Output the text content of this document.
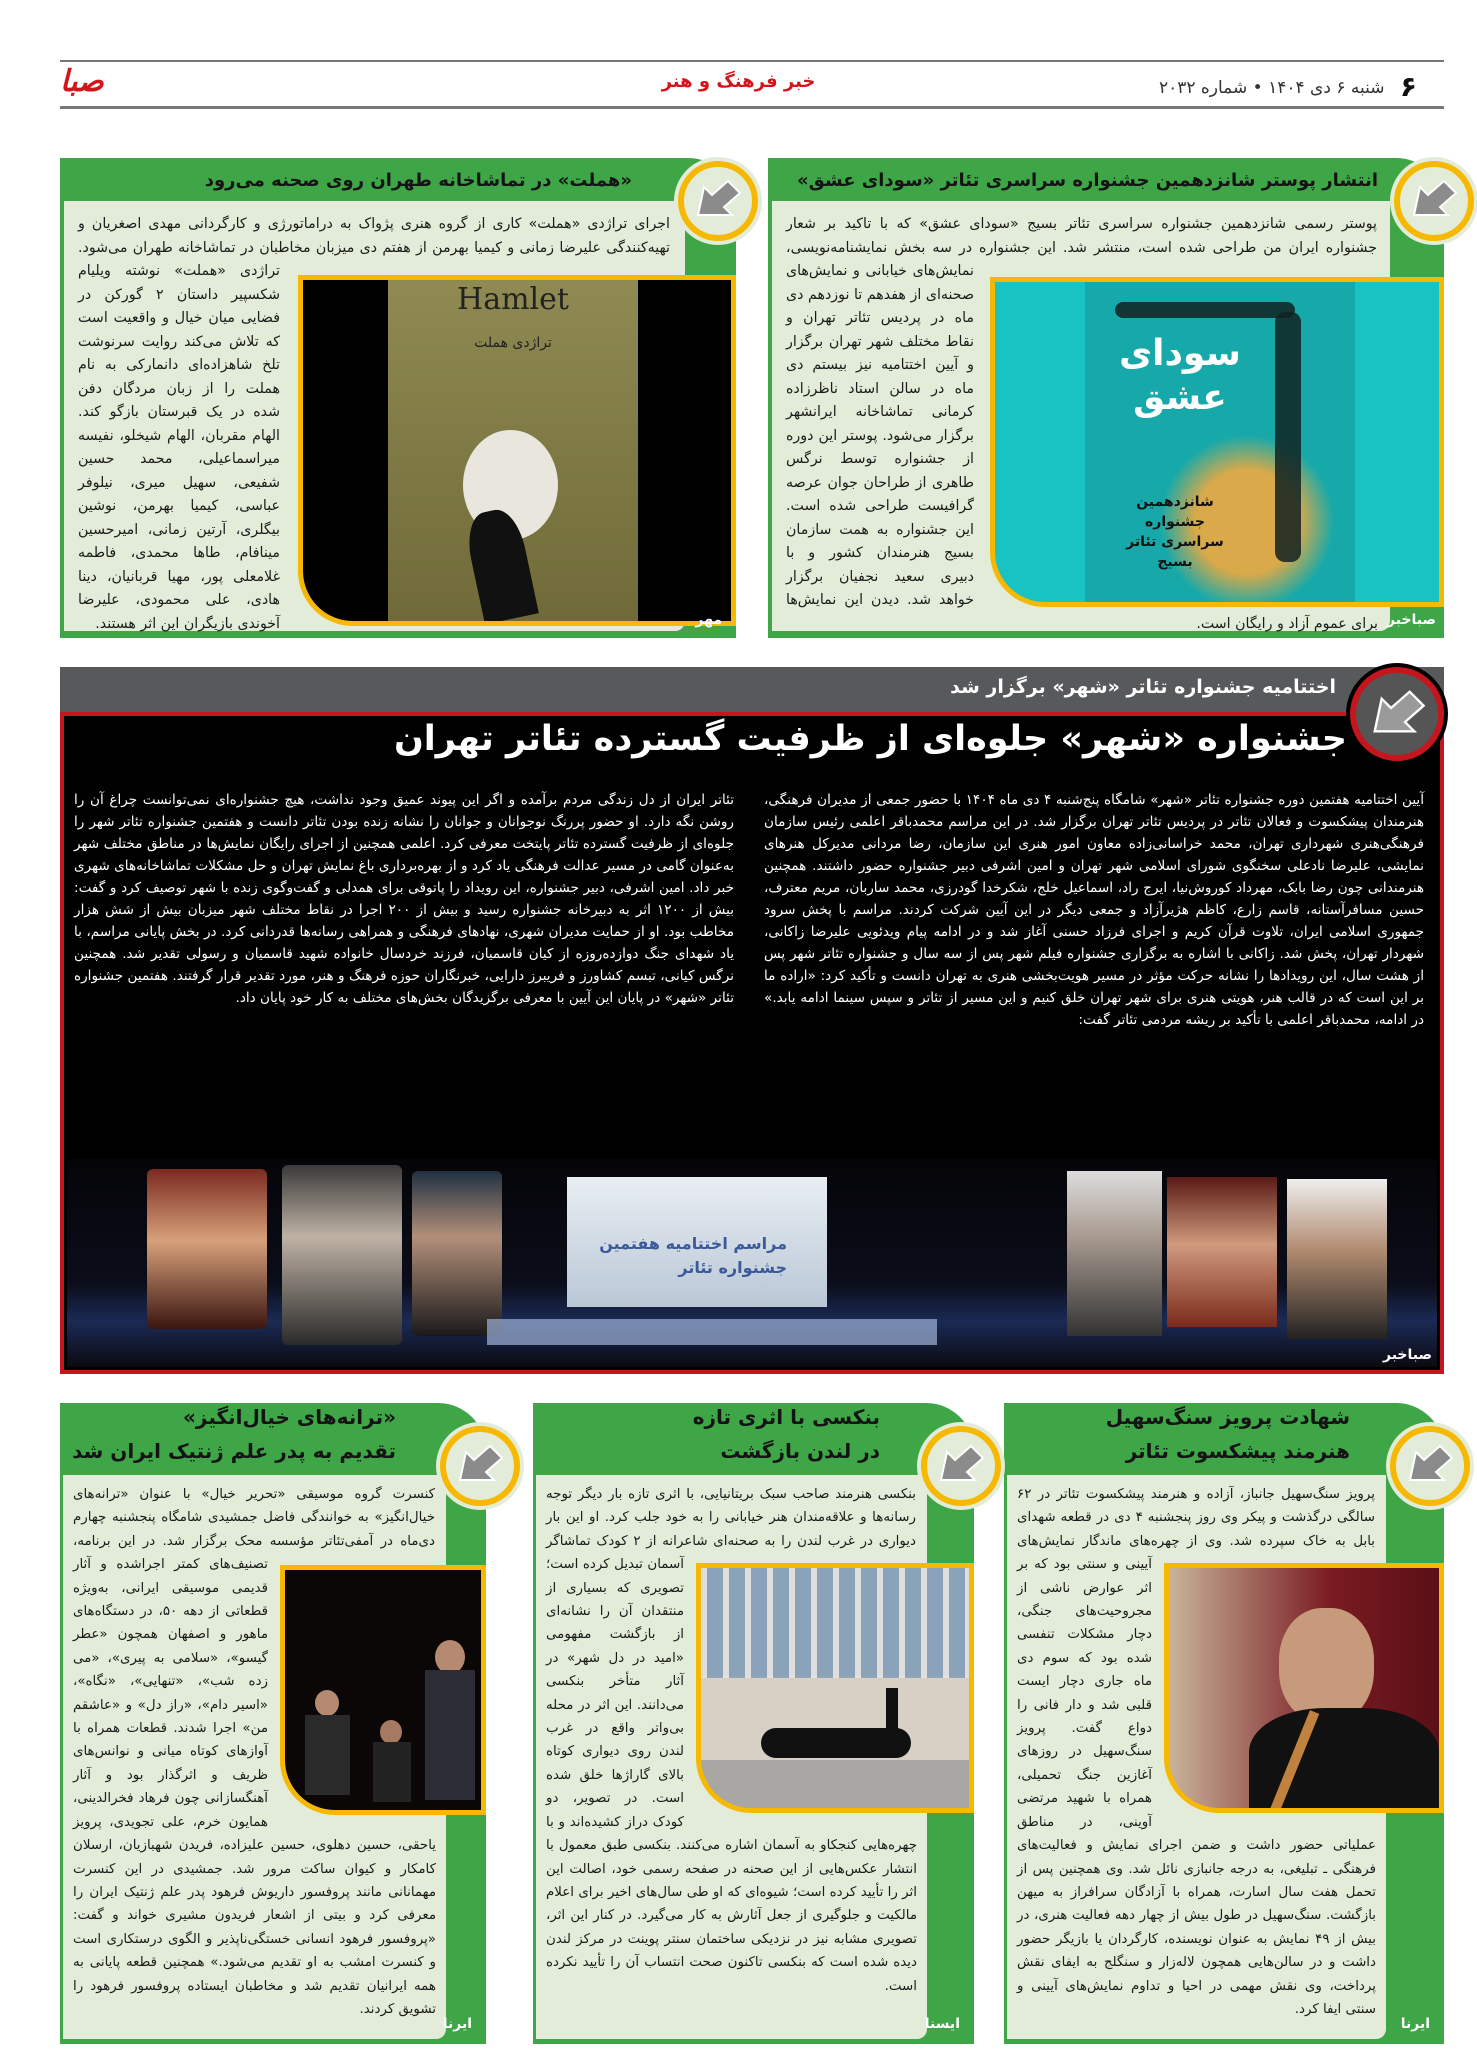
صبا	خبر فرهنگ و هنر	۶ شنبه ۶ دی ۱۴۰۴ • شماره ۲۰۳۲
انتشار پوستر شانزدهمین جشنواره سراسری تئاتر «سودای عشق»
سودای عشق
شانزدهمین جشنواره سراسری تئاتر بسیج
پوستر رسمی شانزدهمین جشنواره سراسری تئاتر بسیج «سودای عشق» که با تاکید بر شعار جشنواره ایران من طراحی شده است، منتشر شد. این جشنواره در سه بخش نمایشنامه‌نویسی، نمایش‌های خیابانی و نمایش‌های صحنه‌ای از هفدهم تا نوزدهم دی ماه در پردیس تئاتر تهران و نقاط مختلف شهر تهران برگزار و آیین اختتامیه نیز بیستم دی ماه در سالن استاد ناظرزاده کرمانی تماشاخانه ایرانشهر برگزار می‌شود. پوستر این دوره از جشنواره توسط نرگس طاهری از طراحان جوان عرصه گرافیست طراحی شده است. این جشنواره به همت سازمان بسیج هنرمندان کشور و با دبیری سعید نجفیان برگزار خواهد شد. دیدن این نمایش‌ها برای عموم آزاد و رایگان است. صباخبر
«هملت» در تماشاخانه طهران روی صحنه می‌رود
Hamlet
تراژدی هملت
اجرای تراژدی «هملت» کاری از گروه هنری پژواک به دراماتورژی و کارگردانی مهدی اصغریان و تهیه‌کنندگی علیرضا زمانی و کیمیا بهرمن از هفتم دی میزبان مخاطبان در تماشاخانه طهران می‌شود. تراژدی «هملت» نوشته ویلیام شکسپیر داستان ۲ گورکن در فضایی میان خیال و واقعیت است که تلاش می‌کند روایت سرنوشت تلخ شاهزاده‌ای دانمارکی به نام هملت را از زبان مردگان دفن شده در یک قبرستان بازگو کند. الهام مقربان، الهام شیخلو، نفیسه میراسماعیلی، محمد حسین شفیعی، سهیل میری، نیلوفر عباسی، کیمیا بهرمن، نوشین بیگلری، آرتین زمانی، امیرحسین مینافام، طاها محمدی، فاطمه غلامعلی پور، مهیا قربانیان، دینا هادی، علی محمودی، علیرضا آخوندی بازیگران این اثر هستند.	مهر
اختتامیه جشنواره تئاتر «شهر» برگزار شد
جشنواره «شهر» جلوه‌ای از ظرفیت گسترده تئاتر تهران
آیین اختتامیه هفتمین دوره جشنواره تئاتر «شهر» شامگاه پنج‌شنبه ۴ دی ماه ۱۴۰۴ با حضور جمعی از مدیران فرهنگی، هنرمندان پیشکسوت و فعالان تئاتر در پردیس تئاتر تهران برگزار شد. در این مراسم محمدباقر اعلمی رئیس سازمان فرهنگی‌هنری شهرداری تهران، محمد خراسانی‌زاده معاون امور هنری این سازمان، رضا مردانی مدیرکل هنرهای نمایشی، علیرضا نادعلی سخنگوی شورای اسلامی شهر تهران و امین اشرفی دبیر جشنواره حضور داشتند. همچنین هنرمندانی چون رضا بابک، مهرداد کوروش‌نیا، ایرج راد، اسماعیل خلج، شکرخدا گودرزی، محمد ساربان، مریم معترف، حسین مسافرآستانه، قاسم زارع، کاظم هژیرآزاد و جمعی دیگر در این آیین شرکت کردند. مراسم با پخش سرود جمهوری اسلامی ایران، تلاوت قرآن کریم و اجرای فرزاد حسنی آغاز شد و در ادامه پیام ویدئویی علیرضا زاکانی، شهردار تهران، پخش شد. زاکانی با اشاره به برگزاری جشنواره فیلم شهر پس از سه سال و جشنواره تئاتر شهر پس از هشت سال، این رویدادها را نشانه حرکت مؤثر در مسیر هویت‌بخشی هنری به تهران دانست و تأکید کرد: «اراده ما بر این است که در قالب هنر، هویتی هنری برای شهر تهران خلق کنیم و این مسیر از تئاتر و سپس سینما ادامه یابد.» در ادامه، محمدباقر اعلمی با تأکید بر ریشه مردمی تئاتر گفت:
تئاتر ایران از دل زندگی مردم برآمده و اگر این پیوند عمیق وجود نداشت، هیچ جشنواره‌ای نمی‌توانست چراغ آن را روشن نگه دارد. او حضور پررنگ نوجوانان و جوانان را نشانه زنده بودن تئاتر دانست و هفتمین جشنواره تئاتر شهر را جلوه‌ای از ظرفیت گسترده تئاتر پایتخت معرفی کرد. اعلمی همچنین از اجرای رایگان نمایش‌ها در مناطق مختلف شهر به‌عنوان گامی در مسیر عدالت فرهنگی یاد کرد و از بهره‌برداری باغ نمایش تهران و حل مشکلات تماشاخانه‌های شهری خبر داد. امین اشرفی، دبیر جشنواره، این رویداد را پاتوقی برای همدلی و گفت‌وگوی زنده با شهر توصیف کرد و گفت: بیش از ۱۲۰۰ اثر به دبیرخانه جشنواره رسید و بیش از ۲۰۰ اجرا در نقاط مختلف شهر میزبان بیش از شش هزار مخاطب بود. او از حمایت مدیران شهری، نهادهای فرهنگی و همراهی رسانه‌ها قدردانی کرد. در بخش پایانی مراسم، با یاد شهدای جنگ دوازده‌روزه از کیان قاسمیان، فرزند خردسال خانواده شهید قاسمیان و رسولی تقدیر شد. همچنین نرگس کیانی، تبسم کشاورز و فریبرز دارایی، خبرنگاران حوزه فرهنگ و هنر، مورد تقدیر قرار گرفتند. هفتمین جشنواره تئاتر «شهر» در پایان این آیین با معرفی برگزیدگان بخش‌های مختلف به کار خود پایان داد.
مراسم اختتامیه هفتمین جشنواره تئاتر
صباخبر
شهادت پرویز سنگ‌سهیل
هنرمند پیشکسوت تئاتر
پرویز سنگ‌سهیل جانباز، آزاده و هنرمند پیشکسوت تئاتر در ۶۲ سالگی درگذشت و پیکر وی روز پنجشنبه ۴ دی در قطعه شهدای بابل به خاک سپرده شد. وی از چهره‌های ماندگار نمایش‌های آیینی و سنتی بود که بر اثر عوارض ناشی از مجروحیت‌های جنگی، دچار مشکلات تنفسی شده بود که سوم دی ماه جاری دچار ایست قلبی شد و دار فانی را دواع گفت. پرویز سنگ‌سهیل در روزهای آغازین جنگ تحمیلی، همراه با شهید مرتضی آوینی، در مناطق عملیاتی حضور داشت و ضمن اجرای نمایش و فعالیت‌های فرهنگی ـ تبلیغی، به درجه جانبازی نائل شد. وی همچنین پس از تحمل هفت سال اسارت، همراه با آزادگان سرافراز به میهن بازگشت. سنگ‌سهیل در طول بیش از چهار دهه فعالیت هنری، در بیش از ۴۹ نمایش به عنوان نویسنده، کارگردان یا بازیگر حضور داشت و در سالن‌هایی همچون لاله‌زار و سنگلج به ایفای نقش پرداخت، وی نقش مهمی در احیا و تداوم نمایش‌های آیینی و سنتی ایفا کرد.
ایرنا
بنکسی با اثری تازه
در لندن بازگشت
بنکسی هنرمند صاحب سبک بریتانیایی، با اثری تازه بار دیگر توجه رسانه‌ها و علاقه‌مندان هنر خیابانی را به خود جلب کرد. او این بار دیواری در غرب لندن را به صحنه‌ای شاعرانه از ۲ کودک تماشاگر آسمان تبدیل کرده است؛ تصویری که بسیاری از منتقدان آن را نشانه‌ای از بازگشت مفهومی «امید در دل شهر» در آثار متأخر بنکسی می‌دانند. این اثر در محله بی‌واتر واقع در غرب لندن روی دیواری کوتاه بالای گاراژها خلق شده است. در تصویر، دو کودک دراز کشیده‌اند و با چهره‌هایی کنجکاو به آسمان اشاره می‌کنند. بنکسی طبق معمول با انتشار عکس‌هایی از این صحنه در صفحه رسمی خود، اصالت این اثر را تأیید کرده است؛ شیوه‌ای که او طی سال‌های اخیر برای اعلام مالکیت و جلوگیری از جعل آثارش به کار می‌گیرد. در کنار این اثر، تصویری مشابه نیز در نزدیکی ساختمان سنتر پوینت در مرکز لندن دیده شده است که بنکسی تاکنون صحت انتساب آن را تأیید نکرده است.
ایسنا
«ترانه‌های خیال‌انگیز»
تقدیم به پدر علم ژنتیک ایران شد
کنسرت گروه موسیقی «تحریر خیال» با عنوان «ترانه‌های خیال‌انگیز» به خوانندگی فاضل جمشیدی شامگاه پنجشنبه چهارم دی‌ماه در آمفی‌تئاتر مؤسسه محک برگزار شد. در این برنامه، تصنیف‌های کمتر اجراشده و آثار قدیمی موسیقی ایرانی، به‌ویژه قطعاتی از دهه ۵۰، در دستگاه‌های ماهور و اصفهان همچون «عطر گیسو»، «سلامی به پیری»، «می زده شب»، «تنهایی»، «نگاه»، «اسیر دام»، «راز دل» و «عاشقم من» اجرا شدند. قطعات همراه با آوازهای کوتاه میانی و نوانس‌های ظریف و اثرگذار بود و آثار آهنگسازانی چون فرهاد فخرالدینی، همایون خرم، علی تجویدی، پرویز یاحقی، حسین دهلوی، حسین علیزاده، فریدن شهبازیان، ارسلان کامکار و کیوان ساکت مرور شد. جمشیدی در این کنسرت مهمانانی مانند پروفسور داریوش فرهود پدر علم ژنتیک ایران را معرفی کرد و بیتی از اشعار فریدون مشیری خواند و گفت: «پروفسور فرهود انسانی خستگی‌ناپذیر و الگوی درستکاری است و کنسرت امشب به او تقدیم می‌شود.» همچنین قطعه پایانی به همه ایرانیان تقدیم شد و مخاطبان ایستاده پروفسور فرهود را تشویق کردند.
ایرنا
